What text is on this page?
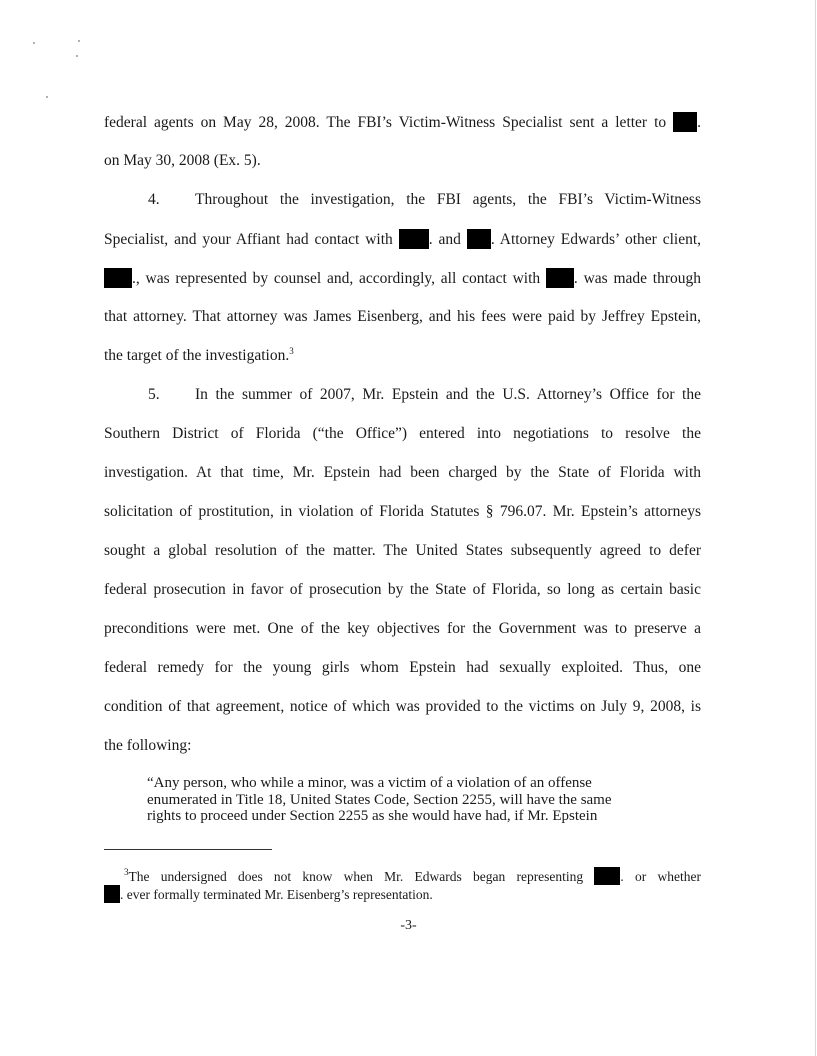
federal agents on May 28, 2008. The FBI’s Victim-Witness Specialist sent a letter to .
on May 30, 2008 (Ex. 5).
4. Throughout the investigation, the FBI agents, the FBI’s Victim-Witness
Specialist, and your Affiant had contact with . and . Attorney Edwards’ other client,
., was represented by counsel and, accordingly, all contact with . was made through
that attorney. That attorney was James Eisenberg, and his fees were paid by Jeffrey Epstein,
the target of the investigation.$^3$
5. In the summer of 2007, Mr. Epstein and the U.S. Attorney’s Office for the
Southern District of Florida (“the Office”) entered into negotiations to resolve the
investigation. At that time, Mr. Epstein had been charged by the State of Florida with
solicitation of prostitution, in violation of Florida Statutes § 796.07. Mr. Epstein’s attorneys
sought a global resolution of the matter. The United States subsequently agreed to defer
federal prosecution in favor of prosecution by the State of Florida, so long as certain basic
preconditions were met. One of the key objectives for the Government was to preserve a
federal remedy for the young girls whom Epstein had sexually exploited. Thus, one
condition of that agreement, notice of which was provided to the victims on July 9, 2008, is
the following:
“Any person, who while a minor, was a victim of a violation of an offense
enumerated in Title 18, United States Code, Section 2255, will have the same
rights to proceed under Section 2255 as she would have had, if Mr. Epstein
$^3$The undersigned does not know when Mr. Edwards began representing . or whether
. ever formally terminated Mr. Eisenberg’s representation.
-3-
